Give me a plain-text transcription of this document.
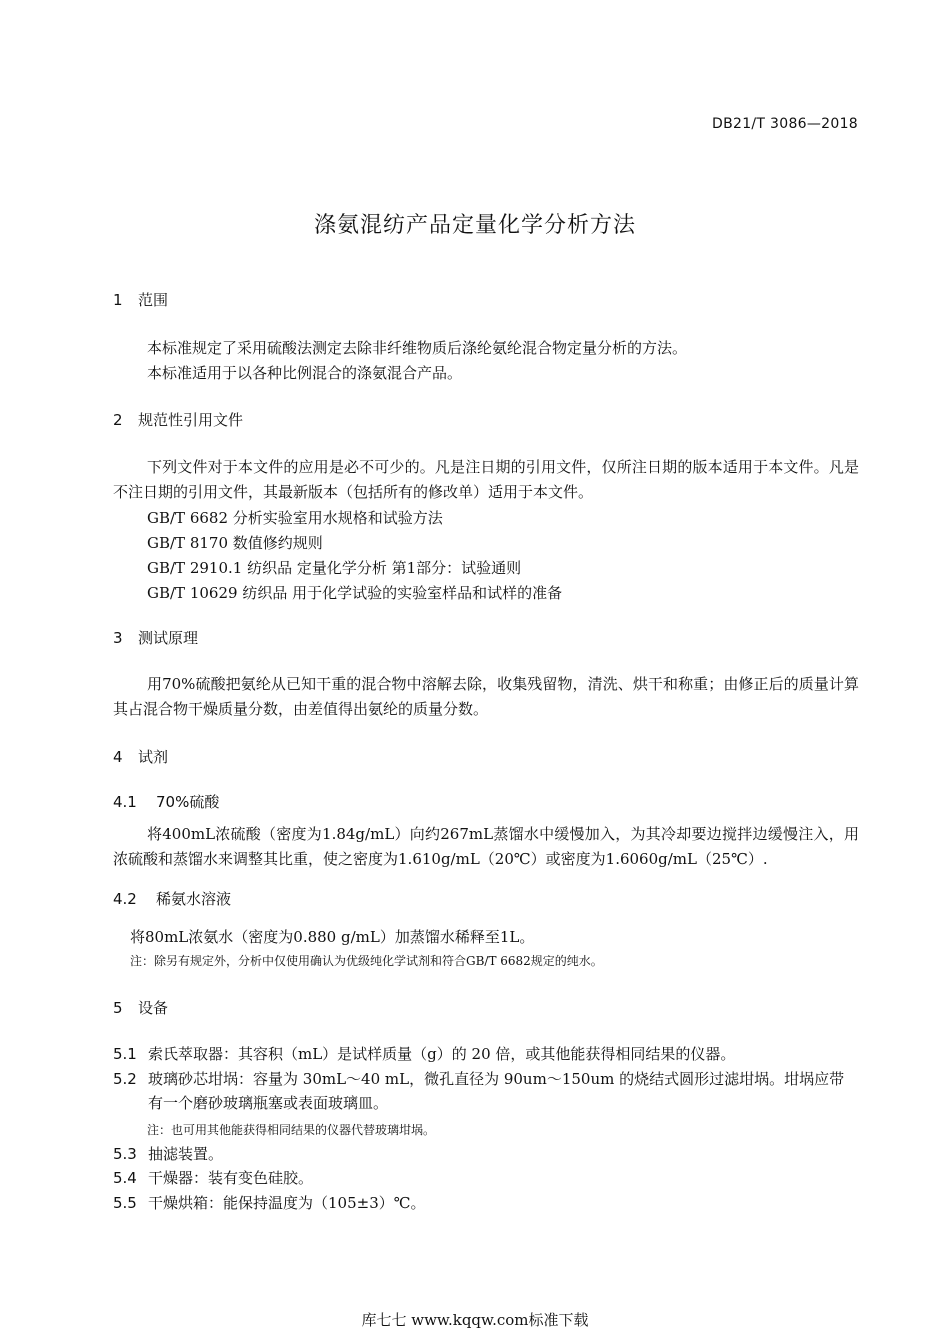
DB21/T 3086—2018
涤氨混纺产品定量化学分析方法
1 范围
本标准规定了采用硫酸法测定去除非纤维物质后涤纶氨纶混合物定量分析的方法。
本标准适用于以各种比例混合的涤氨混合产品。
2 规范性引用文件
下列文件对于本文件的应用是必不可少的。凡是注日期的引用文件，仅所注日期的版本适用于本文件。凡是不注日期的引用文件，其最新版本（包括所有的修改单）适用于本文件。
GB/T 6682 分析实验室用水规格和试验方法
GB/T 8170 数值修约规则
GB/T 2910.1 纺织品 定量化学分析 第1部分：试验通则
GB/T 10629 纺织品 用于化学试验的实验室样品和试样的准备
3 测试原理
用70%硫酸把氨纶从已知干重的混合物中溶解去除，收集残留物，清洗、烘干和称重；由修正后的质量计算其占混合物干燥质量分数，由差值得出氨纶的质量分数。
4 试剂
4.1 70%硫酸
将400mL浓硫酸（密度为1.84g/mL）向约267mL蒸馏水中缓慢加入，为其冷却要边搅拌边缓慢注入，用浓硫酸和蒸馏水来调整其比重，使之密度为1.610g/mL（20℃）或密度为1.6060g/mL（25℃）.
4.2 稀氨水溶液
将80mL浓氨水（密度为0.880 g/mL）加蒸馏水稀释至1L。
注：除另有规定外，分析中仅使用确认为优级纯化学试剂和符合GB/T 6682规定的纯水。
5 设备
5.1 索氏萃取器：其容积（mL）是试样质量（g）的 20 倍，或其他能获得相同结果的仪器。
5.2 玻璃砂芯坩埚：容量为 30mL～40 mL，微孔直径为 90um～150um 的烧结式圆形过滤坩埚。坩埚应带有一个磨砂玻璃瓶塞或表面玻璃皿。
注：也可用其他能获得相同结果的仪器代替玻璃坩埚。
5.3 抽滤装置。
5.4 干燥器：装有变色硅胶。
5.5 干燥烘箱：能保持温度为（105±3）℃。
库七七 www.kqqw.com标准下载
